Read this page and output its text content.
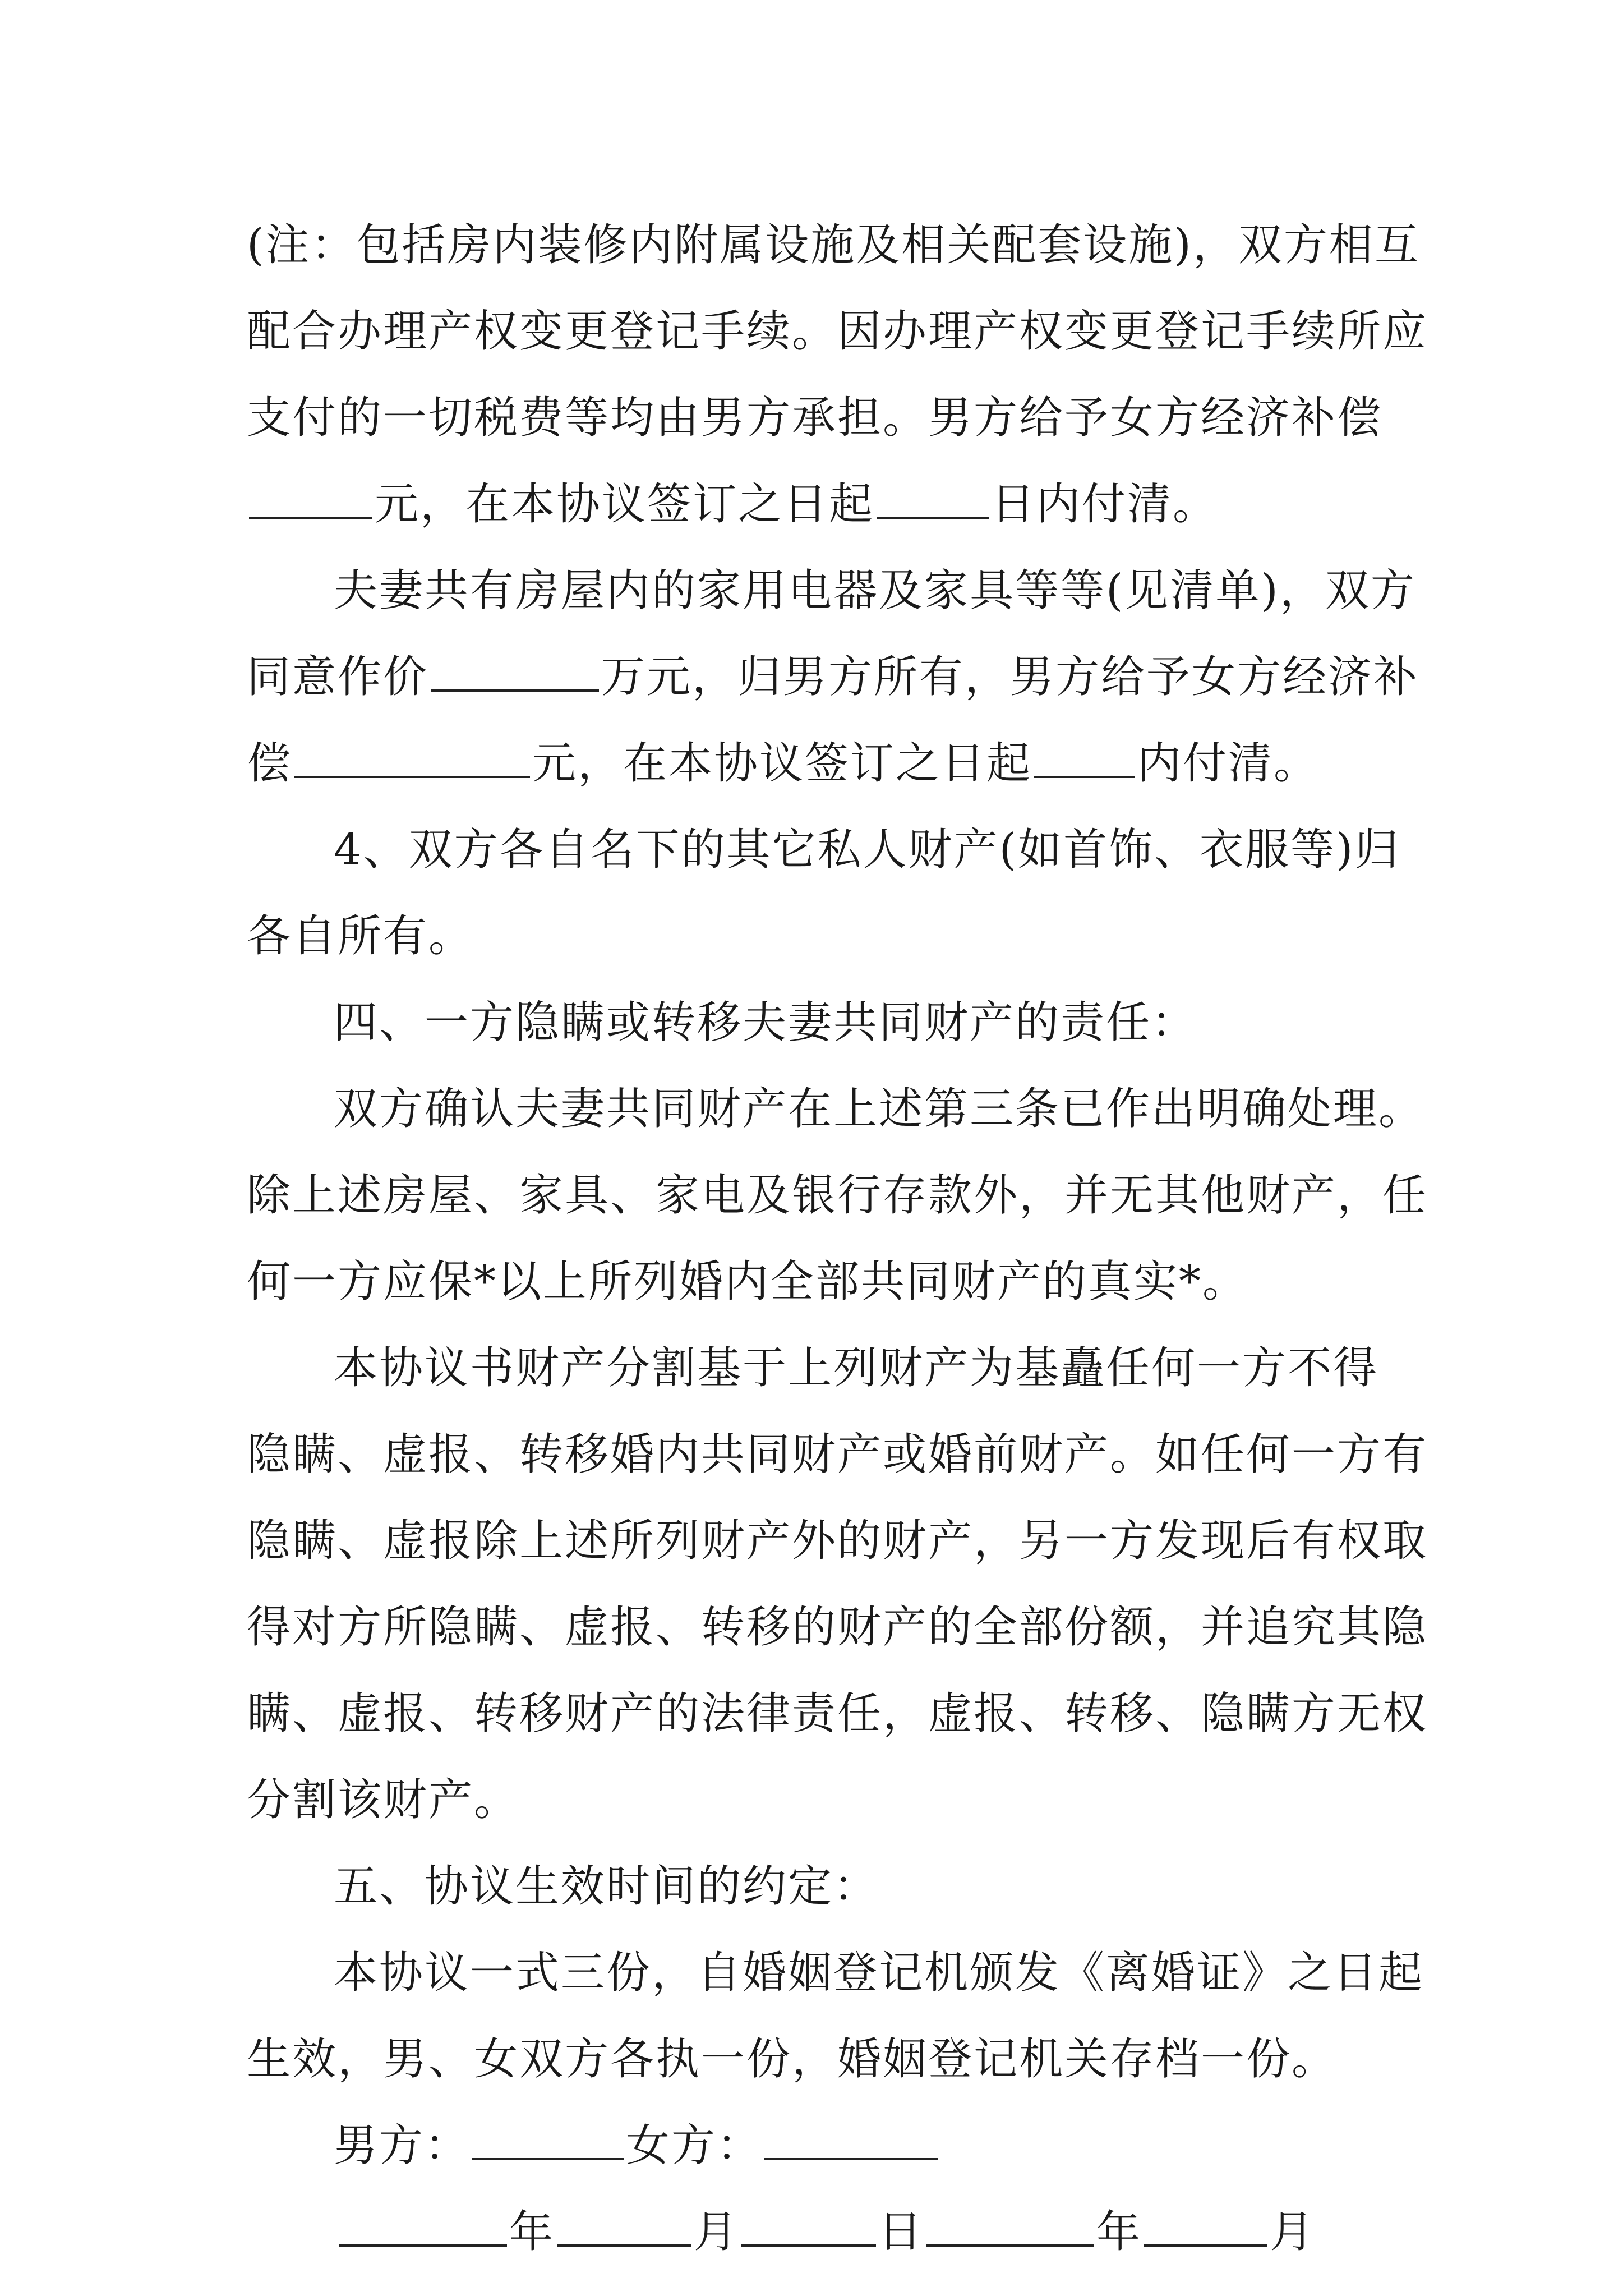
(注：包括房内装修内附属设施及相关配套设施)，双方相互
配合办理产权变更登记手续。因办理产权变更登记手续所应
支付的一切税费等均由男方承担。男方给予女方经济补偿
元，在本协议签订之日起	日内付清。
夫妻共有房屋内的家用电器及家具等等(见清单)，双方
同意作价	万元，归男方所有，男方给予女方经济补
偿	元，在本协议签订之日起 内付清。
4、双方各自名下的其它私人财产(如首饰、衣服等)归
各自所有。
四、一方隐瞒或转移夫妻共同财产的责任：
双方确认夫妻共同财产在上述第三条已作出明确处理。
除上述房屋、家具、家电及银行存款外，并无其他财产，任
何一方应保*以上所列婚内全部共同财产的真实*。
本协议书财产分割基于上列财产为基矗任何一方不得
隐瞒、虚报、转移婚内共同财产或婚前财产。如任何一方有
隐瞒、虚报除上述所列财产外的财产，另一方发现后有权取
得对方所隐瞒、虚报、转移的财产的全部份额，并追究其隐
瞒、虚报、转移财产的法律责任，虚报、转移、隐瞒方无权
分割该财产。
五、协议生效时间的约定：
本协议一式三份，自婚姻登记机颁发《离婚证》之日起
生效，男、女双方各执一份，婚姻登记机关存档一份。
男方：	女方：
年	月	日	年	月
